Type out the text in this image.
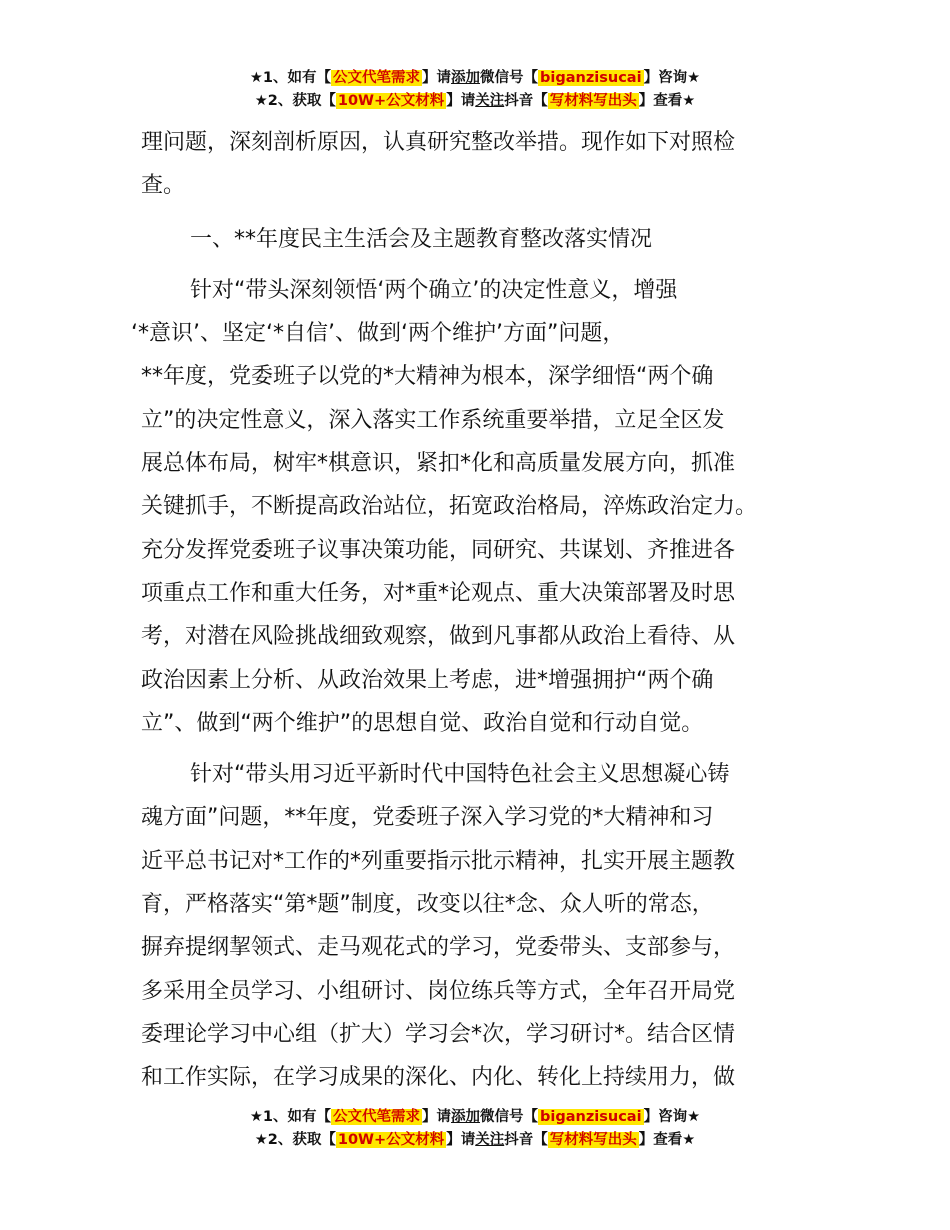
★1、如有【 公文代笔需求 】请添加微信号【 biganzisucai 】咨询★
★2、获取【 10W+公文材料 】请关注抖音【 写材料写出头 】查看★

理问题，深刻剖析原因，认真研究整改举措。现作如下对照检
查。

一、**年度民主生活会及主题教育整改落实情况

针对“带头深刻领悟‘两个确立’的决定性意义，增强
‘*意识’、坚定‘*自信’、做到‘两个维护’方面”问题，
**年度，党委班子以党的*大精神为根本，深学细悟“两个确
立”的决定性意义，深入落实工作系统重要举措，立足全区发
展总体布局，树牢*棋意识，紧扣*化和高质量发展方向，抓准
关键抓手，不断提高政治站位，拓宽政治格局，淬炼政治定力。
充分发挥党委班子议事决策功能，同研究、共谋划、齐推进各
项重点工作和重大任务，对*重*论观点、重大决策部署及时思
考，对潜在风险挑战细致观察，做到凡事都从政治上看待、从
政治因素上分析、从政治效果上考虑，进*增强拥护“两个确
立”、做到“两个维护”的思想自觉、政治自觉和行动自觉。

针对“带头用习近平新时代中国特色社会主义思想凝心铸
魂方面”问题，**年度，党委班子深入学习党的*大精神和习
近平总书记对*工作的*列重要指示批示精神，扎实开展主题教
育，严格落实“第*题”制度，改变以往*念、众人听的常态，
摒弃提纲挈领式、走马观花式的学习，党委带头、支部参与，
多采用全员学习、小组研讨、岗位练兵等方式，全年召开局党
委理论学习中心组（扩大）学习会*次，学习研讨*。结合区情
和工作实际，在学习成果的深化、内化、转化上持续用力，做

★1、如有【 公文代笔需求 】请添加微信号【 biganzisucai 】咨询★
★2、获取【 10W+公文材料 】请关注抖音【 写材料写出头 】查看★
